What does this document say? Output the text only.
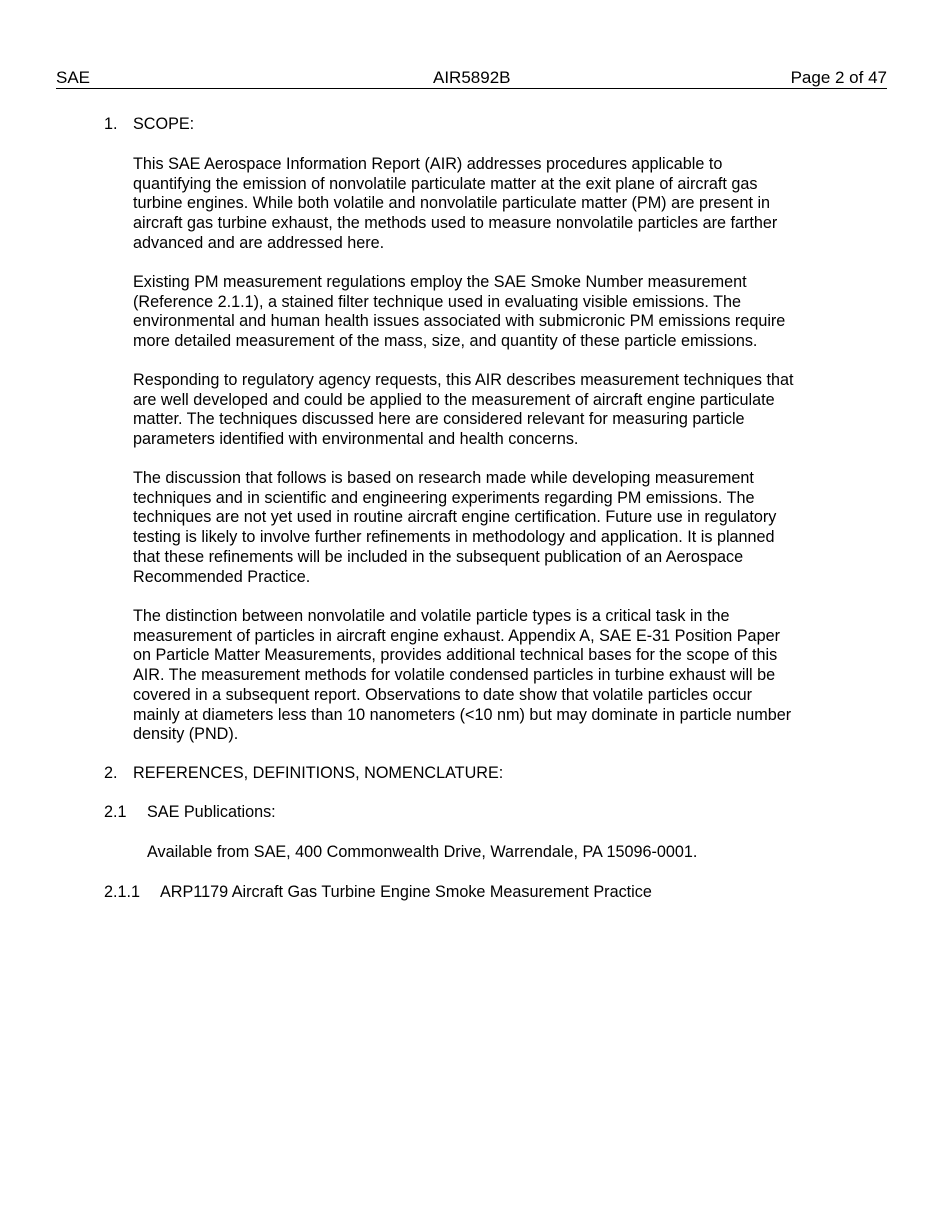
SAE	AIR5892B	Page 2 of 47
1. SCOPE:
This SAE Aerospace Information Report (AIR) addresses procedures applicable to
quantifying the emission of nonvolatile particulate matter at the exit plane of aircraft gas
turbine engines. While both volatile and nonvolatile particulate matter (PM) are present in
aircraft gas turbine exhaust, the methods used to measure nonvolatile particles are farther
advanced and are addressed here.
Existing PM measurement regulations employ the SAE Smoke Number measurement
(Reference 2.1.1), a stained filter technique used in evaluating visible emissions. The
environmental and human health issues associated with submicronic PM emissions require
more detailed measurement of the mass, size, and quantity of these particle emissions.
Responding to regulatory agency requests, this AIR describes measurement techniques that
are well developed and could be applied to the measurement of aircraft engine particulate
matter. The techniques discussed here are considered relevant for measuring particle
parameters identified with environmental and health concerns.
The discussion that follows is based on research made while developing measurement
techniques and in scientific and engineering experiments regarding PM emissions. The
techniques are not yet used in routine aircraft engine certification. Future use in regulatory
testing is likely to involve further refinements in methodology and application. It is planned
that these refinements will be included in the subsequent publication of an Aerospace
Recommended Practice.
The distinction between nonvolatile and volatile particle types is a critical task in the
measurement of particles in aircraft engine exhaust. Appendix A, SAE E-31 Position Paper
on Particle Matter Measurements, provides additional technical bases for the scope of this
AIR. The measurement methods for volatile condensed particles in turbine exhaust will be
covered in a subsequent report. Observations to date show that volatile particles occur
mainly at diameters less than 10 nanometers (<10 nm) but may dominate in particle number
density (PND).
2. REFERENCES, DEFINITIONS, NOMENCLATURE:
2.1 SAE Publications:
Available from SAE, 400 Commonwealth Drive, Warrendale, PA 15096-0001.
2.1.1 ARP1179 Aircraft Gas Turbine Engine Smoke Measurement Practice
